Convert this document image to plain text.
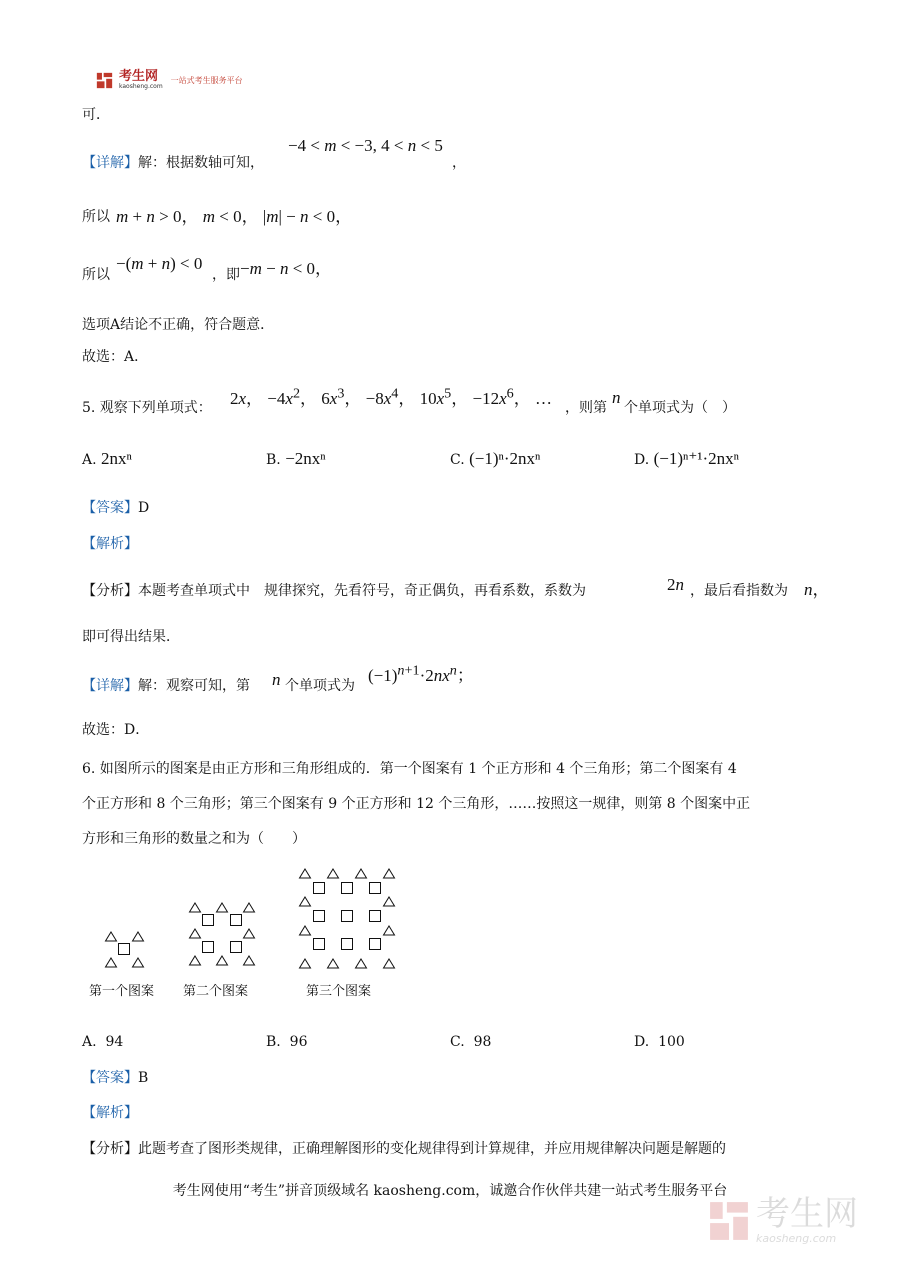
考生网
kaosheng.com
一站式考生服务平台
可．
【详解】解：根据数轴可知，
−4 < m < −3, 4 < n < 5
，
所以 m + n > 0， m < 0， |m| − n < 0，
所以
−(m + n) < 0
，即 −m − n < 0，
选项A结论不正确，符合题意．
故选：A．
5. 观察下列单项式： 2x， $-4x^2$， $6x^3$， $-8x^4$， $10x^5$， $-12x^6$， … ，则第
n
个单项式为（　）
A. 2nxⁿ	B. −2nxⁿ	C. (−1)ⁿ·2nxⁿ	D. (−1)ⁿ⁺¹·2nxⁿ
【答案】D
【解析】
【分析】本题考查单项式中　规律探究，先看符号，奇正偶负，再看系数，系数为	2n ，最后看指数为 n，
即可得出结果．
【详解】解：观察可知，第 n 个单项式为
$(-1)^{n+1}\cdot 2nx^n$；
故选：D．
6. 如图所示的图案是由正方形和三角形组成的．第一个图案有 1 个正方形和 4 个三角形；第二个图案有 4
个正方形和 8 个三角形；第三个图案有 9 个正方形和 12 个三角形，……按照这一规律，则第 8 个图案中正
方形和三角形的数量之和为（　　）
第一个图案 第二个图案	第三个图案
A. 94	B. 96	C. 98	D. 100
【答案】B
【解析】
【分析】此题考查了图形类规律，正确理解图形的变化规律得到计算规律，并应用规律解决问题是解题的
考生网使用“考生”拼音顶级域名 kaosheng.com，诚邀合作伙伴共建一站式考生服务平台
考生网
kaosheng.com
